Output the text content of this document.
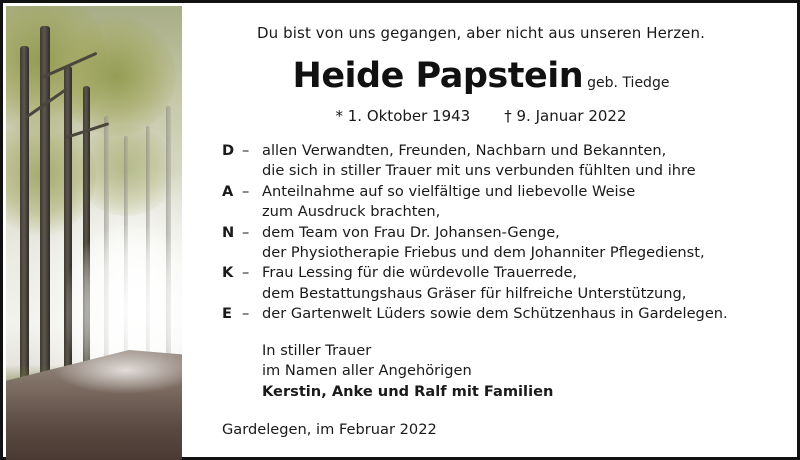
Du bist von uns gegangen, aber nicht aus unseren Herzen.
Heide Papstein geb. Tiedge
* 1. Oktober 1943 † 9. Januar 2022
D – allen Verwandten, Freunden, Nachbarn und Bekannten,
die sich in stiller Trauer mit uns verbunden fühlten und ihre
A – Anteilnahme auf so vielfältige und liebevolle Weise
zum Ausdruck brachten,
N – dem Team von Frau Dr. Johansen-Genge,
der Physiotherapie Friebus und dem Johanniter Pflegedienst,
K – Frau Lessing für die würdevolle Trauerrede,
dem Bestattungshaus Gräser für hilfreiche Unterstützung,
E – der Gartenwelt Lüders sowie dem Schützenhaus in Gardelegen.
In stiller Trauer
im Namen aller Angehörigen
Kerstin, Anke und Ralf mit Familien
Gardelegen, im Februar 2022
